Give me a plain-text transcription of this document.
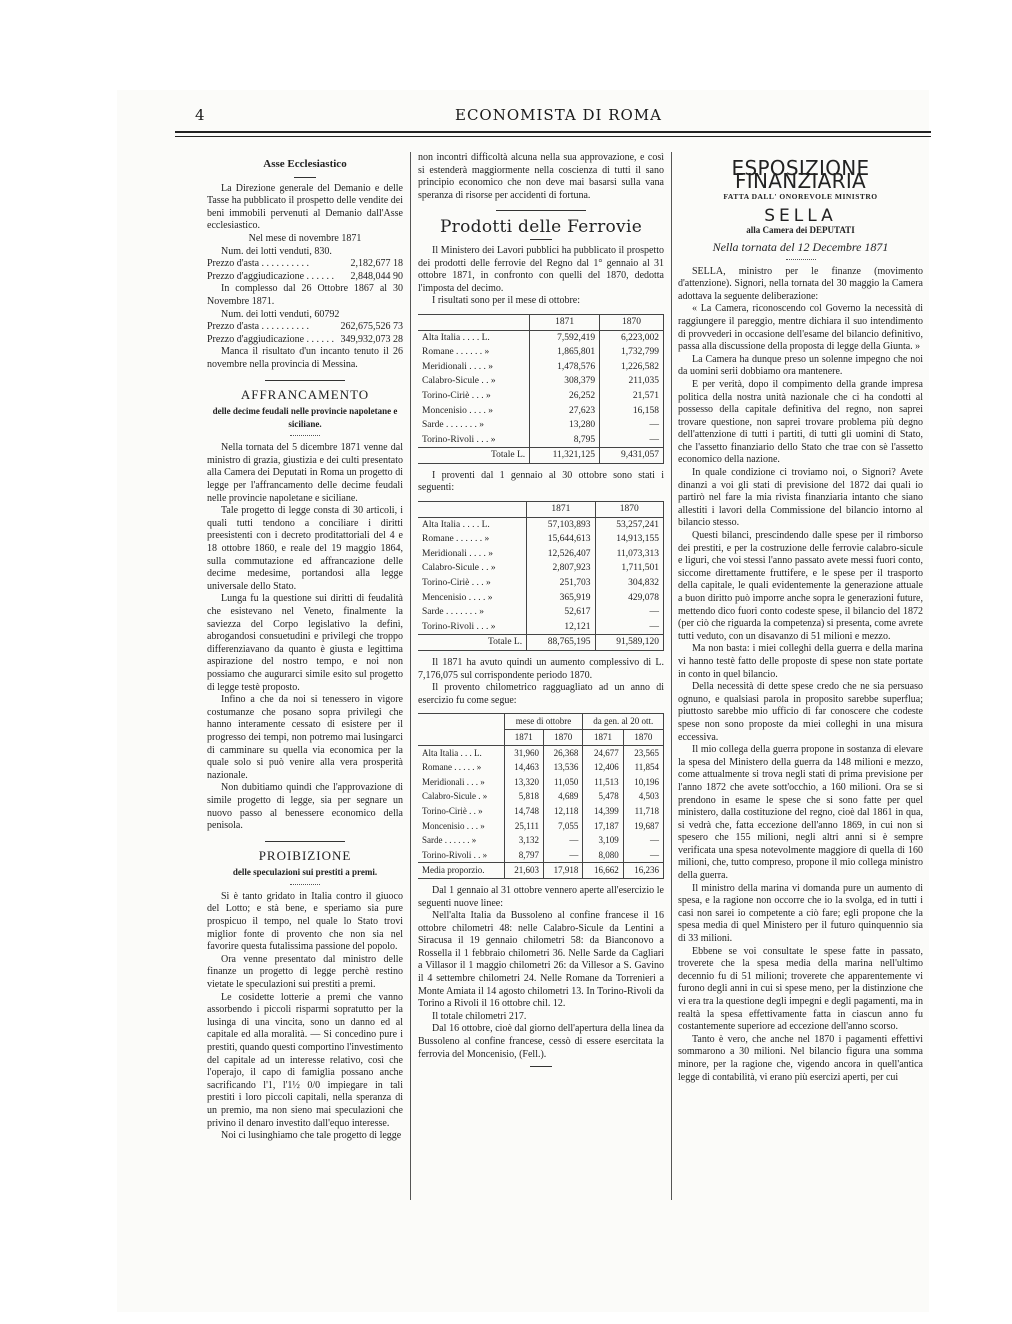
4	ECONOMISTA DI ROMA
Asse Ecclesiastico

La Direzione generale del Demanio e delle Tasse ha pubblicato il prospetto delle vendite dei beni immobili pervenuti al Demanio dall'Asse ecclesiastico.

Nel mese di novembre 1871

Num. dei lotti venduti, 830.

Prezzo d'asta . . . . . . . . . .	2,182,677 18
Prezzo d'aggiudicazione . . . . . . 2,848,044 90

In complesso dal 26 Ottobre 1867 al 30 Novembre 1871.

Num. dei lotti venduti, 60792

Prezzo d'asta . . . . . . . . . .	262,675,526 73
Prezzo d'aggiudicazione . . . . . . 349,932,073 28

Manca il risultato d'un incanto tenuto il 26 novembre nella provincia di Messina.

AFFRANCAMENTO
delle decime feudali nelle provincie napoletane e siciliane.

Nella tornata del 5 dicembre 1871 venne dal ministro di grazia, giustizia e dei culti presentato alla Camera dei Deputati in Roma un progetto di legge per l'affrancamento delle decime feudali nelle provincie napoletane e siciliane.

Tale progetto di legge consta di 30 articoli, i quali tutti tendono a conciliare i diritti preesistenti con i decreto proditattoriali del 4 e 18 ottobre 1860, e reale del 19 maggio 1864, sulla commutazione ed affrancazione delle decime medesime, portandosi alla legge universale dello Stato.

Lunga fu la questione sui diritti di feudalità che esistevano nel Veneto, finalmente la saviezza del Corpo legislativo la definì, abrogandosi consuetudini e privilegi che troppo differenziavano da quanto è giusta e legittima aspirazione del nostro tempo, e noi non possiamo che augurarci simile esito sul progetto di legge testè proposto.

Infino a che da noi si tenessero in vigore costumanze che posano sopra privilegi che hanno interamente cessato di esistere per il progresso dei tempi, non potremo mai lusingarci di camminare su quella via economica per la quale solo si può venire alla vera prosperità nazionale.

Non dubitiamo quindi che l'approvazione di simile progetto di legge, sia per segnare un nuovo passo al benessere economico della penisola.

PROIBIZIONE
delle speculazioni sui prestiti a premi.

Si è tanto gridato in Italia contro il giuoco del Lotto; e stà bene, e speriamo sia pure prospicuo il tempo, nel quale lo Stato trovi miglior fonte di provento che non sia nel favorire questa futalissima passione del popolo.

Ora venne presentato dal ministro delle finanze un progetto di legge perchè restino vietate le speculazioni sui prestiti a premi.

Le cosidette lotterie a premi che vanno assorbendo i piccoli risparmi sopratutto per la lusinga di una vincita, sono un danno ed al capitale ed alla moralità. — Si concedino pure i prestiti, quando questi comportino l'investimento del capitale ad un interesse relativo, così che l'operajo, il capo di famiglia possano anche sacrificando l'1, l'1½ 0/0 impiegare in tali prestiti i loro piccoli capitali, nella speranza di un premio, ma non sieno mai speculazioni che privino il denaro investito dall'equo interesse.

Noi ci lusinghiamo che tale progetto di legge

non incontri difficoltà alcuna nella sua approvazione, e così si estenderà maggiormente nella coscienza di tutti il sano principio economico che non deve mai basarsi sulla vana speranza di risorse per accidenti di fortuna.

Prodotti delle Ferrovie

Il Ministero dei Lavori pubblici ha pubblicato il prospetto dei prodotti delle ferrovie del Regno dal 1° gennaio al 31 ottobre 1871, in confronto con quelli del 1870, dedotta l'imposta del decimo.

I risultati sono per il mese di ottobre:

	1871	1870
Alta Italia . . . . L.	7,592,419	6,223,002
Romane . . . . . . »	1,865,801	1,732,799
Meridionali . . . . »	1,478,576	1,226,582
Calabro-Sicule . . »	308,379	211,035
Torino-Ciriè . . . »	26,252	21,571
Moncenisio . . . . »	27,623	16,158
Sarde . . . . . . . »	13,280	—
Torino-Rivoli . . . »	8,795	—
Totale L.	11,321,125	9,431,057

I proventi dal 1 gennaio al 30 ottobre sono stati i seguenti:

	1871	1870
Alta Italia . . . . L.	57,103,893	53,257,241
Romane . . . . . . »	15,644,613	14,913,155
Meridionali . . . . »	12,526,407	11,073,313
Calabro-Sicule . . »	2,807,923	1,711,501
Torino-Ciriè . . . »	251,703	304,832
Mencenisio . . . . »	365,919	429,078
Sarde . . . . . . . »	52,617	—
Torino-Rivoli . . . »	12,121	—
Totale L.	88,765,195	91,589,120

Il 1871 ha avuto quindi un aumento complessivo di L. 7,176,075 sul corrispondente periodo 1870.

Il provento chilometrico ragguagliato ad un anno di esercizio fu come segue:

	mese di ottobre		da gen. al 20 ott.	
	1871	1870	1871	1870
Alta Italia . . . L.	31,960	26,368	24,677	23,565
Romane . . . . . »	14,463	13,536	12,406	11,854
Meridionali . . . »	13,320	11,050	11,513	10,196
Calabro-Sicule . »	5,818	4,689	5,478	4,503
Torino-Ciriè . . »	14,748	12,118	14,399	11,718
Moncenisio . . . »	25,111	7,055	17,187	19,687
Sarde . . . . . . »	3,132	—	3,109	—
Torino-Rivoli . . »	8,797	—	8,080	—
Media proporzio.	21,603	17,918	16,662	16,236

Dal 1 gennaio al 31 ottobre vennero aperte all'esercizio le seguenti nuove linee:

Nell'alta Italia da Bussoleno al confine francese il 16 ottobre chilometri 48: nelle Calabro-Sicule da Lentini a Siracusa il 19 gennaio chilometri 58: da Bianconovo a Rossella il 1 febbraio chilometri 36. Nelle Sarde da Cagliari a Villasor il 1 maggio chilometri 26: da Villesor a S. Gavino il 4 settembre chilometri 24. Nelle Romane da Torrenieri a Monte Amiata il 14 agosto chilometri 13. In Torino-Rivoli da Torino a Rivoli il 16 ottobre chil. 12.

Il totale chilometri 217.

Dal 16 ottobre, cioè dal giorno dell'apertura della linea da Bussoleno al confine francese, cessò di essere esercitata la ferrovia del Moncenisio, (Fell.).

ESPOSIZIONE FINANZIARIA
FATTA DALL' ONOREVOLE MINISTRO
SELLA
alla Camera dei DEPUTATI
Nella tornata del 12 Decembre 1871

SELLA, ministro per le finanze (movimento d'attenzione). Signori, nella tornata del 30 maggio la Camera adottava la seguente deliberazione:

« La Camera, riconoscendo col Governo la necessità di raggiungere il pareggio, mentre dichiara il suo intendimento di provvederi in occasione dell'esame del bilancio definitivo, passa alla discussione della proposta di legge della Giunta. »

La Camera ha dunque preso un solenne impegno che noi da uomini serii dobbiamo ora mantenere.

E per verità, dopo il compimento della grande impresa politica della nostra unità nazionale che ci ha condotti al possesso della capitale definitiva del regno, non saprei trovare questione, non saprei trovare problema più degno dell'attenzione di tutti i partiti, di tutti gli uomini di Stato, che l'assetto finanziario dello Stato che trae con sè l'assetto economico della nazione.

In quale condizione ci troviamo noi, o Signori? Avete dinanzi a voi gli stati di previsione del 1872 dai quali io partirò nel fare la mia rivista finanziaria intanto che siano allestiti i lavori della Commissione del bilancio intorno al bilancio stesso.

Questi bilanci, prescindendo dalle spese per il rimborso dei prestiti, e per la costruzione delle ferrovie calabro-sicule e liguri, che voi stessi l'anno passato avete messi fuori conto, siccome direttamente fruttifere, e le spese per il trasporto della capitale, le quali evidentemente la generazione attuale a buon diritto può imporre anche sopra le generazioni future, mettendo dico fuori conto codeste spese, il bilancio del 1872 (per ciò che riguarda la competenza) si presenta, come avrete tutti veduto, con un disavanzo di 51 milioni e mezzo.

Ma non basta: i miei colleghi della guerra e della marina vi hanno testè fatto delle proposte di spese non state portate in conto in quel bilancio.

Della necessità di dette spese credo che ne sia persuaso ognuno, e qualsiasi parola in proposito sarebbe superflua; piuttosto sarebbe mio ufficio di far conoscere che codeste spese non sono proposte da miei colleghi in una misura eccessiva.

Il mio collega della guerra propone in sostanza di elevare la spesa del Ministero della guerra da 148 milioni e mezzo, come attualmente si trova negli stati di prima previsione per l'anno 1872 che avete sott'occhio, a 160 milioni. Ora se si prendono in esame le spese che si sono fatte per quel ministero, dalla costituzione del regno, cioè dal 1861 in qua, si vedrà che, fatta eccezione dell'anno 1869, in cui non si spesero che 155 milioni, negli altri anni si è sempre verificata una spesa notevolmente maggiore di quella di 160 milioni, che, tutto compreso, propone il mio collega ministro della guerra.

Il ministro della marina vi domanda pure un aumento di spesa, e la ragione non occorre che io la svolga, ed in tutti i casi non sarei io competente a ciò fare; egli propone che la spesa media di quel Ministero per il futuro quinquennio sia di 33 milioni.

Ebbene se voi consultate le spese fatte in passato, troverete che la spesa media della marina nell'ultimo decennio fu di 51 milioni; troverete che apparentemente vi furono degli anni in cui si spese meno, per la distinzione che vi era tra la questione degli impegni e degli pagamenti, ma in realtà la spesa effettivamente fatta in ciascun anno fu costantemente superiore ad eccezione dell'anno scorso.

Tanto è vero, che anche nel 1870 i pagamenti effettivi sommarono a 30 milioni. Nel bilancio figura una somma minore, per la ragione che, vigendo ancora in quell'antica legge di contabilità, vi erano più esercizi aperti, per cui
